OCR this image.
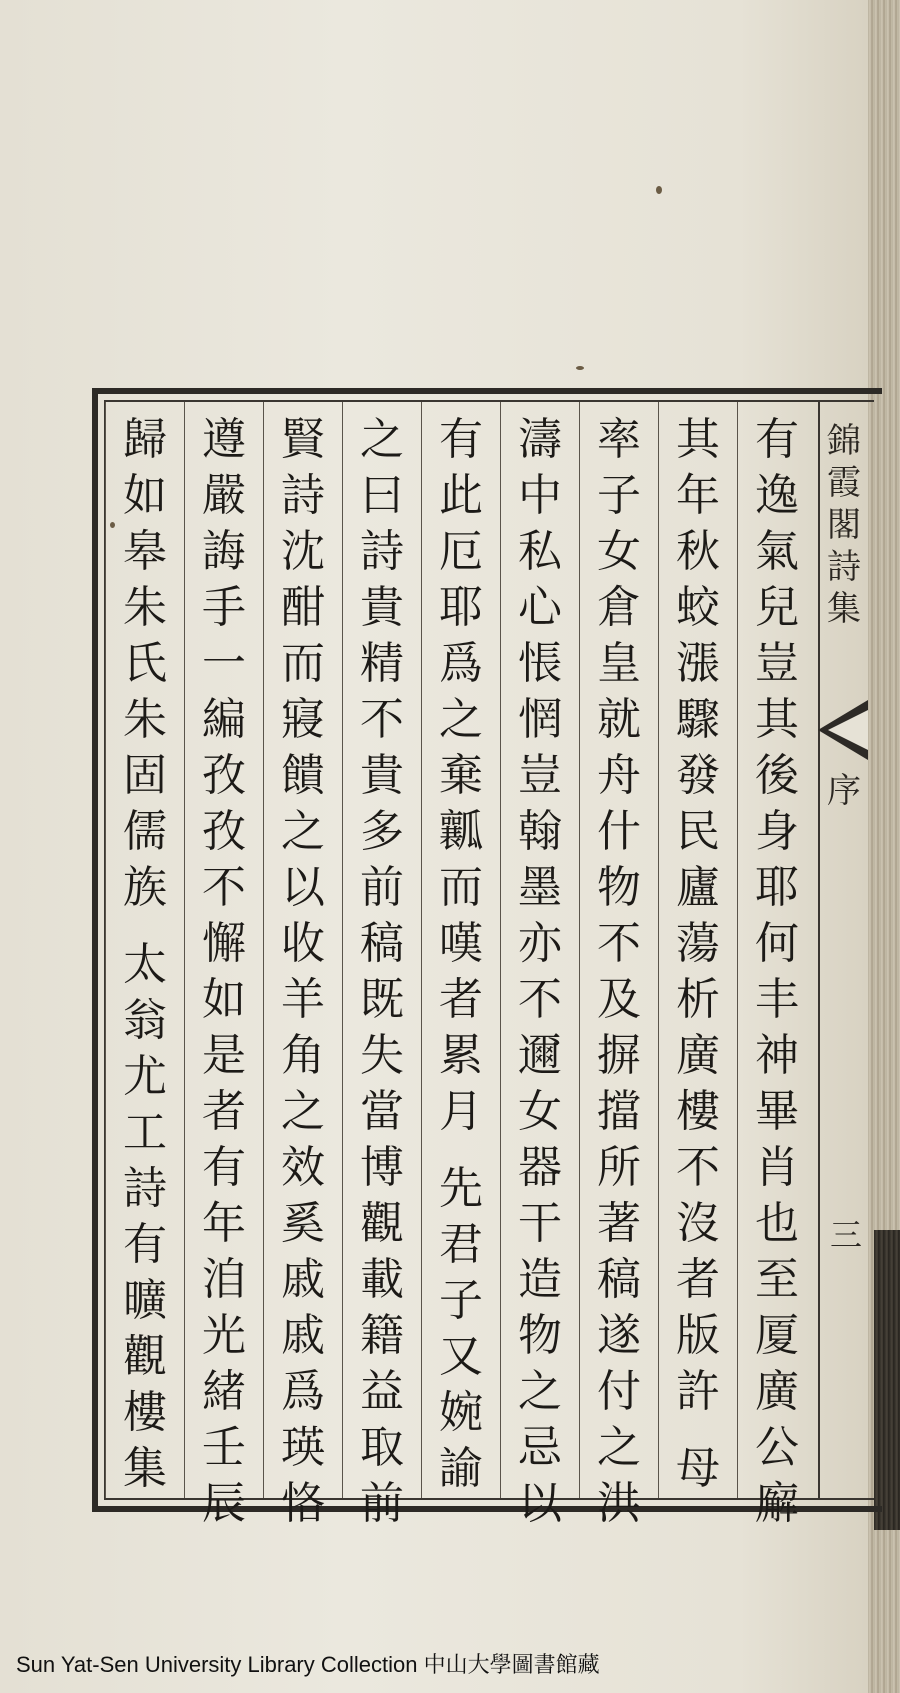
錦
霞
閣
詩
集
序
三
有
逸
氣
兒
豈
其
後
身
耶
何
丰
神
畢
肖
也
至
厦
廣
公
廨
其
年
秋
蛟
漲
驟
發
民
廬
蕩
析
廣
樓
不
沒
者
版
許
母
率
子
女
倉
皇
就
舟
什
物
不
及
摒
擋
所
著
稿
遂
付
之
洪
濤
中
私
心
悵
惘
豈
翰
墨
亦
不
邇
女
器
干
造
物
之
忌
以
有
此
厄
耶
爲
之
棄
瓤
而
嘆
者
累
月
先
君
子
又
婉
諭
之
曰
詩
貴
精
不
貴
多
前
稿
既
失
當
博
觀
載
籍
益
取
前
賢
詩
沈
酣
而
寢
饋
之
以
收
羊
角
之
效
奚
戚
戚
爲
瑛
恪
遵
嚴
誨
手
一
編
孜
孜
不
懈
如
是
者
有
年
洎
光
緒
壬
辰
歸
如
皋
朱
氏
朱
固
儒
族
太
翁
尤
工
詩
有
曠
觀
樓
集
Sun Yat-Sen University Library Collection 中山大學圖書館藏
